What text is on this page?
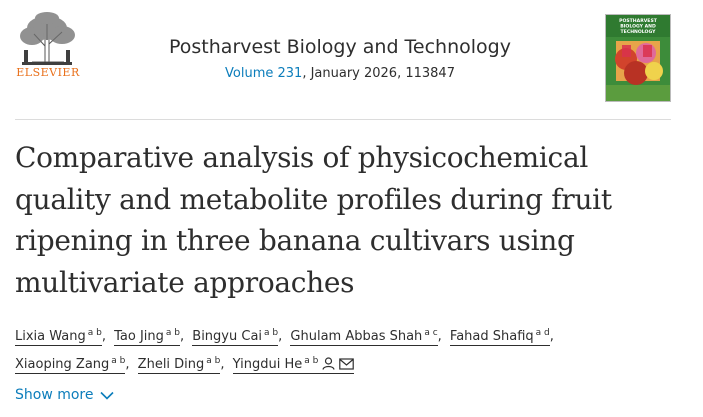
ELSEVIER
Postharvest Biology and Technology
Volume 231, January 2026, 113847
POSTHARVEST
BIOLOGY AND
TECHNOLOGY
Comparative analysis of physicochemical
quality and metabolite profiles during fruit
ripening in three banana cultivars using
multivariate approaches
Lixia Wang $^{a b}$, Tao Jing $^{a b}$, Bingyu Cai $^{a b}$, Ghulam Abbas Shah $^{a c}$, Fahad Shafiq $^{a d}$,
Xiaoping Zang $^{a b}$, Zheli Ding $^{a b}$, Yingdui He $^{a b}$
Show more
